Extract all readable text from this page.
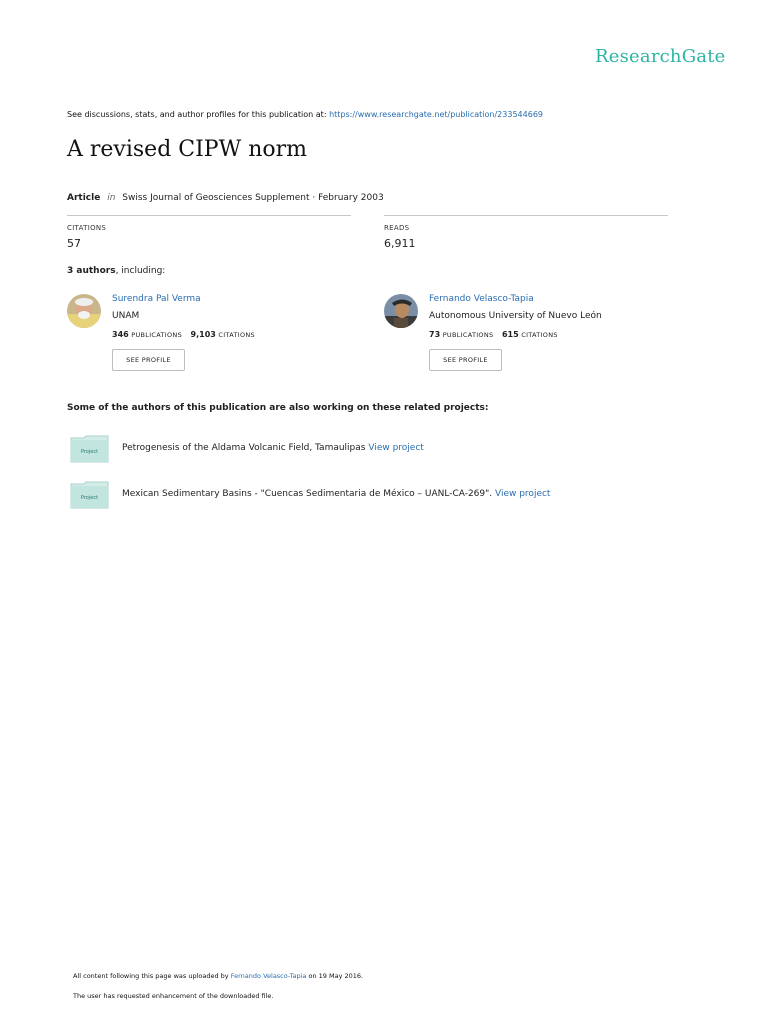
ResearchGate
See discussions, stats, and author profiles for this publication at: https://www.researchgate.net/publication/233544669
A revised CIPW norm
Article in Swiss Journal of Geosciences Supplement · February 2003
CITATIONS
57
READS
6,911
3 authors, including:
Surendra Pal Verma
UNAM
346 PUBLICATIONS 9,103 CITATIONS
SEE PROFILE
Fernando Velasco-Tapia
Autonomous University of Nuevo León
73 PUBLICATIONS 615 CITATIONS
SEE PROFILE
Some of the authors of this publication are also working on these related projects:
Project	Petrogenesis of the Aldama Volcanic Field, Tamaulipas View project
Project	Mexican Sedimentary Basins - "Cuencas Sedimentaria de México – UANL-CA-269". View project
All content following this page was uploaded by Fernando Velasco-Tapia on 19 May 2016.
The user has requested enhancement of the downloaded file.
